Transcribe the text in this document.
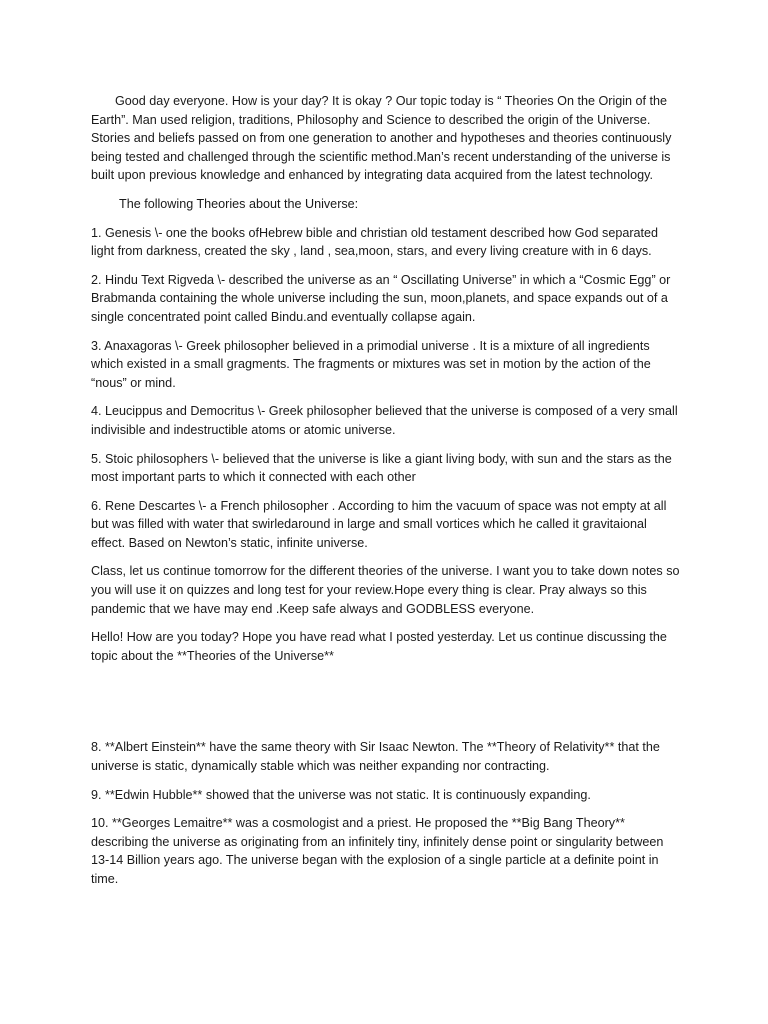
Good day everyone. How is your day? It is okay ? Our topic today is “ Theories On the Origin of the Earth”. Man used religion, traditions, Philosophy and Science to described the origin of the Universe. Stories and beliefs passed on from one generation to another and hypotheses and theories continuously being tested and challenged through the scientific method.Man’s recent understanding of the universe is built upon previous knowledge and enhanced by integrating data acquired from the latest technology.

The following Theories about the Universe:

1. Genesis \- one the books ofHebrew bible and christian old testament described how God separated light from darkness, created the sky , land , sea,moon, stars, and every living creature with in 6 days.

2. Hindu Text Rigveda \- described the universe as an “ Oscillating Universe” in which a “Cosmic Egg” or Brabmanda containing the whole universe including the sun, moon,planets, and space expands out of a single concentrated point called Bindu.and eventually collapse again.

3. Anaxagoras \- Greek philosopher believed in a primodial universe . It is a mixture of all ingredients which existed in a small gragments. The fragments or mixtures was set in motion by the action of the “nous” or mind.

4. Leucippus and Democritus \- Greek philosopher believed that the universe is composed of a very small indivisible and indestructible atoms or atomic universe.

5. Stoic philosophers \- believed that the universe is like a giant living body, with sun and the stars as the most important parts to which it connected with each other

6. Rene Descartes \- a French philosopher . According to him the vacuum of space was not empty at all but was filled with water that swirledaround in large and small vortices which he called it gravitaional effect. Based on Newton’s static, infinite universe.

Class, let us continue tomorrow for the different theories of the universe. I want you to take down notes so you will use it on quizzes and long test for your review.Hope every thing is clear. Pray always so this pandemic that we have may end .Keep safe always and GODBLESS everyone.

Hello! How are you today? Hope you have read what I posted yesterday. Let us continue discussing the topic about the **Theories of the Universe**

8. **Albert Einstein** have the same theory with Sir Isaac Newton. The **Theory of Relativity** that the universe is static, dynamically stable which was neither expanding nor contracting.

9. **Edwin Hubble** showed that the universe was not static. It is continuously expanding.

10. **Georges Lemaitre** was a cosmologist and a priest. He proposed the **Big Bang Theory** describing the universe as originating from an infinitely tiny, infinitely dense point or singularity between 13-14 Billion years ago. The universe began with the explosion of a single particle at a definite point in time.
